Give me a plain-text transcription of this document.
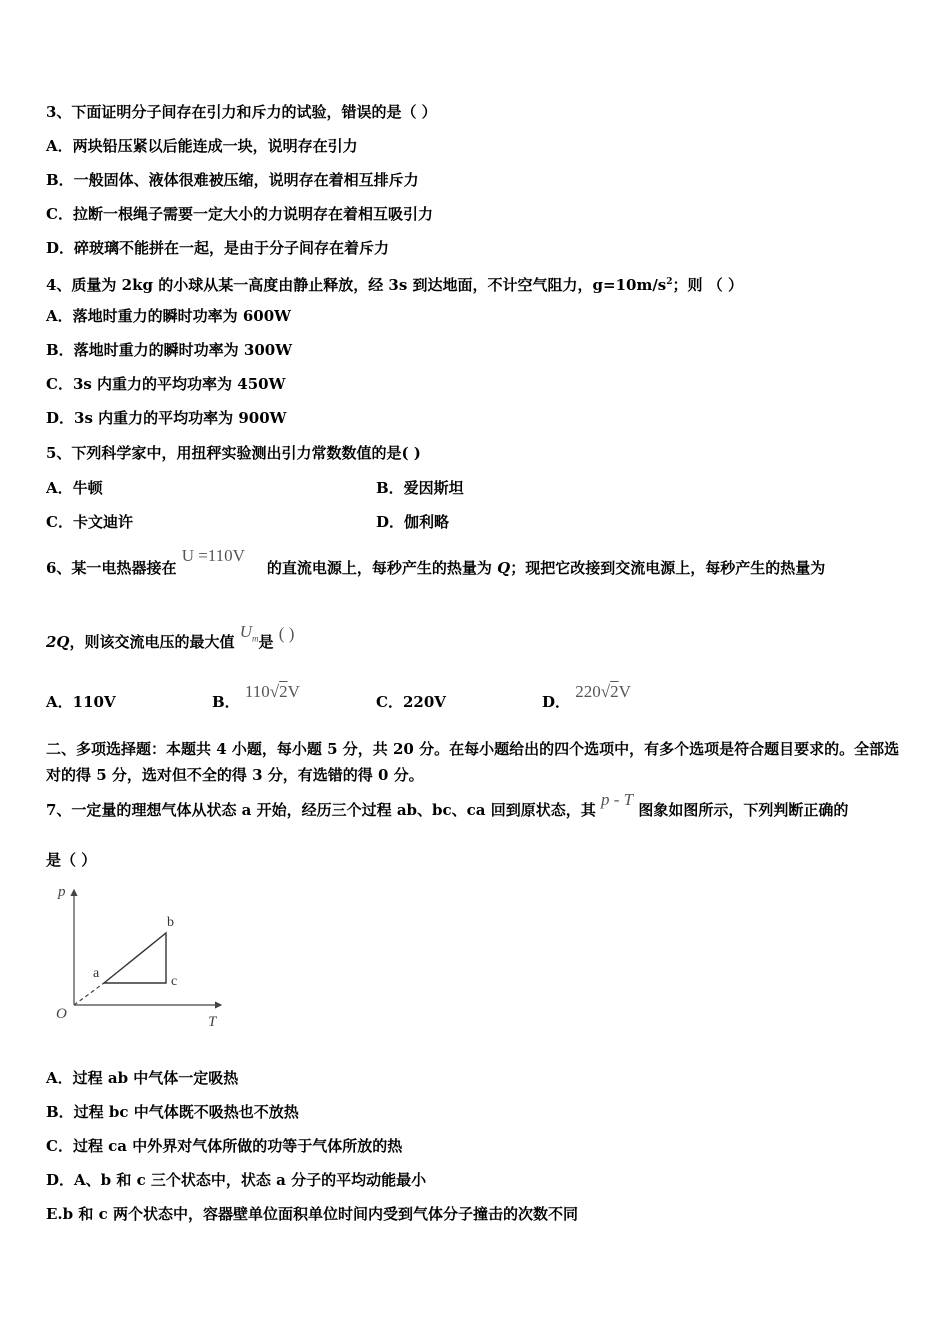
3、下面证明分子间存在引力和斥力的试验，错误的是（ ）
A．两块铅压紧以后能连成一块，说明存在引力
B．一般固体、液体很难被压缩，说明存在着相互排斥力
C．拉断一根绳子需要一定大小的力说明存在着相互吸引力
D．碎玻璃不能拼在一起，是由于分子间存在着斥力
4、质量为 2kg 的小球从某一高度由静止释放，经 3s 到达地面，不计空气阻力，$g=10m/s^2$；则 （ ）
A．落地时重力的瞬时功率为 600W
B．落地时重力的瞬时功率为 300W
C．3s 内重力的平均功率为 450W
D．3s 内重力的平均功率为 900W
5、下列科学家中，用扭秤实验测出引力常数数值的是( )
A．牛顿	B．爱因斯坦
C．卡文迪许	D．伽利略
6、某一电热器接在 U =110V 的直流电源上，每秒产生的热量为 Q；现把它改接到交流电源上，每秒产生的热量为
2Q，则该交流电压的最大值 $U_m$是 ( )
A．110V	B． 110√2V
C．220V	D． 220√2V
二、多项选择题：本题共 4 小题，每小题 5 分，共 20 分。在每小题给出的四个选项中，有多个选项是符合题目要求的。全部选对的得 5 分，选对但不全的得 3 分，有选错的得 0 分。
7、一定量的理想气体从状态 a 开始，经历三个过程 ab、bc、ca 回到原状态，其 p - T 图象如图所示，下列判断正确的
是（ ）
p
T
O
a
b
c
A．过程 ab 中气体一定吸热
B．过程 bc 中气体既不吸热也不放热
C．过程 ca 中外界对气体所做的功等于气体所放的热
D．A、b 和 c 三个状态中，状态 a 分子的平均动能最小
E.b 和 c 两个状态中，容器壁单位面积单位时间内受到气体分子撞击的次数不同
